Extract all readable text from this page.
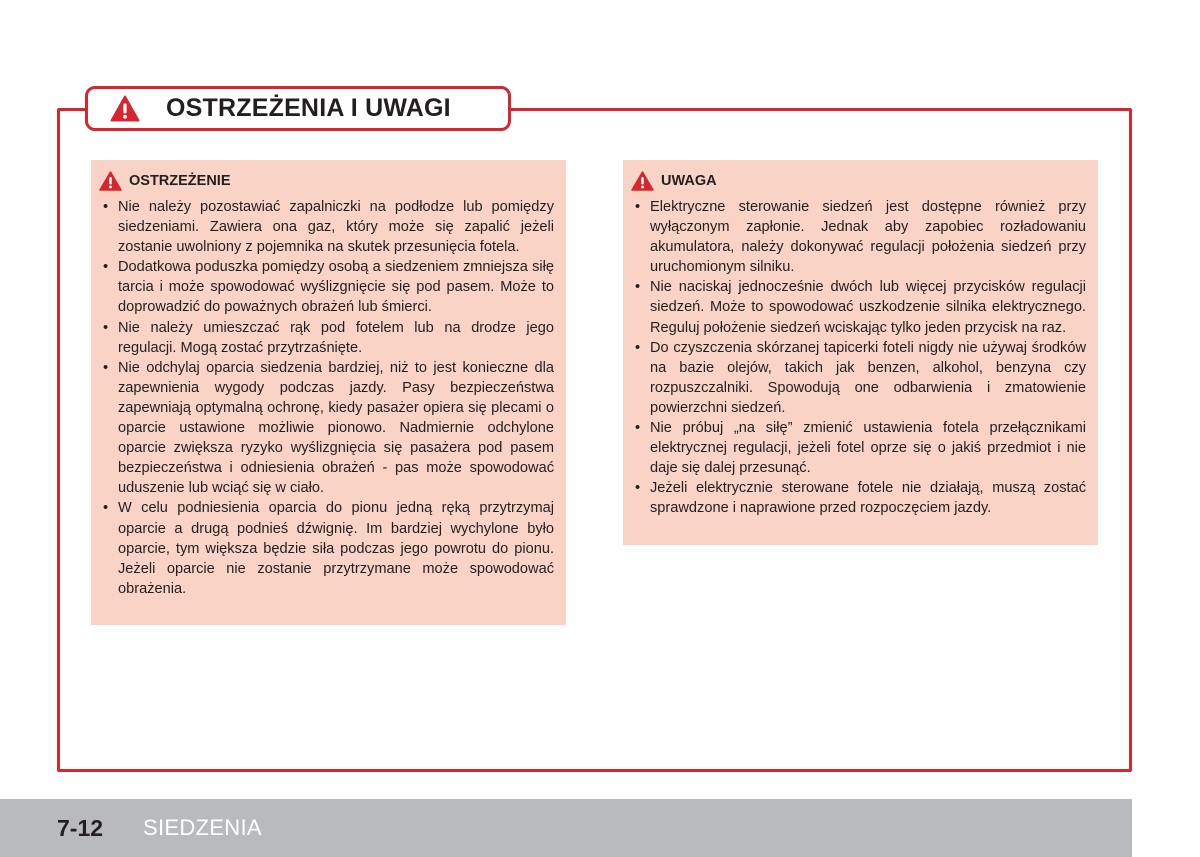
OSTRZEŻENIA I UWAGI
OSTRZEŻENIE
• Nie należy pozostawiać zapalniczki na podłodze lub pomiędzy siedzeniami. Zawiera ona gaz, który może się zapalić jeżeli zostanie uwolniony z pojemnika na skutek przesunięcia fotela.
• Dodatkowa poduszka pomiędzy osobą a siedzeniem zmniejsza siłę tarcia i może spowodować wyślizgnięcie się pod pasem. Może to doprowadzić do poważnych obrażeń lub śmierci.
• Nie należy umieszczać rąk pod fotelem lub na drodze jego regulacji. Mogą zostać przytrzaśnięte.
• Nie odchylaj oparcia siedzenia bardziej, niż to jest konieczne dla zapewnienia wygody podczas jazdy. Pasy bezpieczeństwa zapewniają optymalną ochronę, kiedy pasażer opiera się plecami o oparcie ustawione możliwie pionowo. Nadmiernie odchylone oparcie zwiększa ryzyko wyślizgnięcia się pasażera pod pasem bezpieczeństwa i odniesienia obrażeń - pas może spowodować uduszenie lub wciąć się w ciało.
• W celu podniesienia oparcia do pionu jedną ręką przytrzymaj oparcie a drugą podnieś dźwignię. Im bardziej wychylone było oparcie, tym większa będzie siła podczas jego powrotu do pionu. Jeżeli oparcie nie zostanie przytrzymane może spowodować obrażenia.
UWAGA
• Elektryczne sterowanie siedzeń jest dostępne również przy wyłączonym zapłonie. Jednak aby zapobiec rozładowaniu akumulatora, należy dokonywać regulacji położenia siedzeń przy uruchomionym silniku.
• Nie naciskaj jednocześnie dwóch lub więcej przycisków regulacji siedzeń. Może to spowodować uszkodzenie silnika elektrycznego. Reguluj położenie siedzeń wciskając tylko jeden przycisk na raz.
• Do czyszczenia skórzanej tapicerki foteli nigdy nie używaj środków na bazie olejów, takich jak benzen, alkohol, benzyna czy rozpuszczalniki. Spowodują one odbarwienia i zmatowienie powierzchni siedzeń.
• Nie próbuj „na siłę” zmienić ustawienia fotela przełącznikami elektrycznej regulacji, jeżeli fotel oprze się o jakiś przedmiot i nie daje się dalej przesunąć.
• Jeżeli elektrycznie sterowane fotele nie działają, muszą zostać sprawdzone i naprawione przed rozpoczęciem jazdy.
7-12	SIEDZENIA
